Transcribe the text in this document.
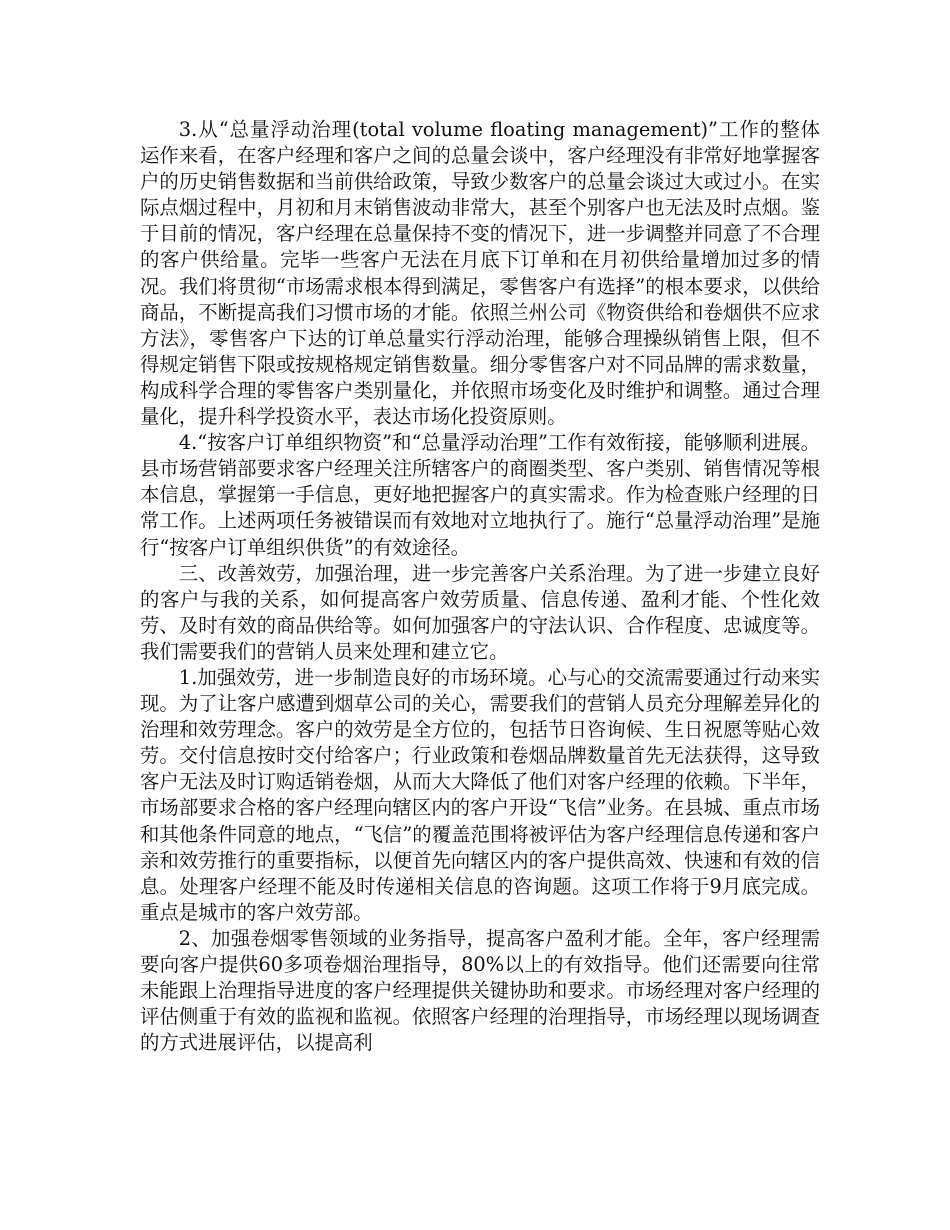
3.从“总量浮动治理(total volume floating management)”工作的整体运作来看，在客户经理和客户之间的总量会谈中，客户经理没有非常好地掌握客户的历史销售数据和当前供给政策，导致少数客户的总量会谈过大或过小。在实际点烟过程中，月初和月末销售波动非常大，甚至个别客户也无法及时点烟。鉴于目前的情况，客户经理在总量保持不变的情况下，进一步调整并同意了不合理的客户供给量。完毕一些客户无法在月底下订单和在月初供给量增加过多的情况。我们将贯彻“市场需求根本得到满足，零售客户有选择”的根本要求，以供给商品，不断提高我们习惯市场的才能。依照兰州公司《物资供给和卷烟供不应求方法》，零售客户下达的订单总量实行浮动治理，能够合理操纵销售上限，但不得规定销售下限或按规格规定销售数量。细分零售客户对不同品牌的需求数量，构成科学合理的零售客户类别量化，并依照市场变化及时维护和调整。通过合理量化，提升科学投资水平，表达市场化投资原则。

4.“按客户订单组织物资”和“总量浮动治理”工作有效衔接，能够顺利进展。县市场营销部要求客户经理关注所辖客户的商圈类型、客户类别、销售情况等根本信息，掌握第一手信息，更好地把握客户的真实需求。作为检查账户经理的日常工作。上述两项任务被错误而有效地对立地执行了。施行“总量浮动治理”是施行“按客户订单组织供货”的有效途径。

三、改善效劳，加强治理，进一步完善客户关系治理。为了进一步建立良好的客户与我的关系，如何提高客户效劳质量、信息传递、盈利才能、个性化效劳、及时有效的商品供给等。如何加强客户的守法认识、合作程度、忠诚度等。我们需要我们的营销人员来处理和建立它。

1.加强效劳，进一步制造良好的市场环境。心与心的交流需要通过行动来实现。为了让客户感遭到烟草公司的关心，需要我们的营销人员充分理解差异化的治理和效劳理念。客户的效劳是全方位的，包括节日咨询候、生日祝愿等贴心效劳。交付信息按时交付给客户；行业政策和卷烟品牌数量首先无法获得，这导致客户无法及时订购适销卷烟，从而大大降低了他们对客户经理的依赖。下半年，市场部要求合格的客户经理向辖区内的客户开设“飞信”业务。在县城、重点市场和其他条件同意的地点，“飞信”的覆盖范围将被评估为客户经理信息传递和客户亲和效劳推行的重要指标，以便首先向辖区内的客户提供高效、快速和有效的信息。处理客户经理不能及时传递相关信息的咨询题。这项工作将于9月底完成。重点是城市的客户效劳部。

2、加强卷烟零售领域的业务指导，提高客户盈利才能。全年，客户经理需要向客户提供60多项卷烟治理指导，80%以上的有效指导。他们还需要向往常未能跟上治理指导进度的客户经理提供关键协助和要求。市场经理对客户经理的评估侧重于有效的监视和监视。依照客户经理的治理指导，市场经理以现场调查的方式进展评估，以提高利
